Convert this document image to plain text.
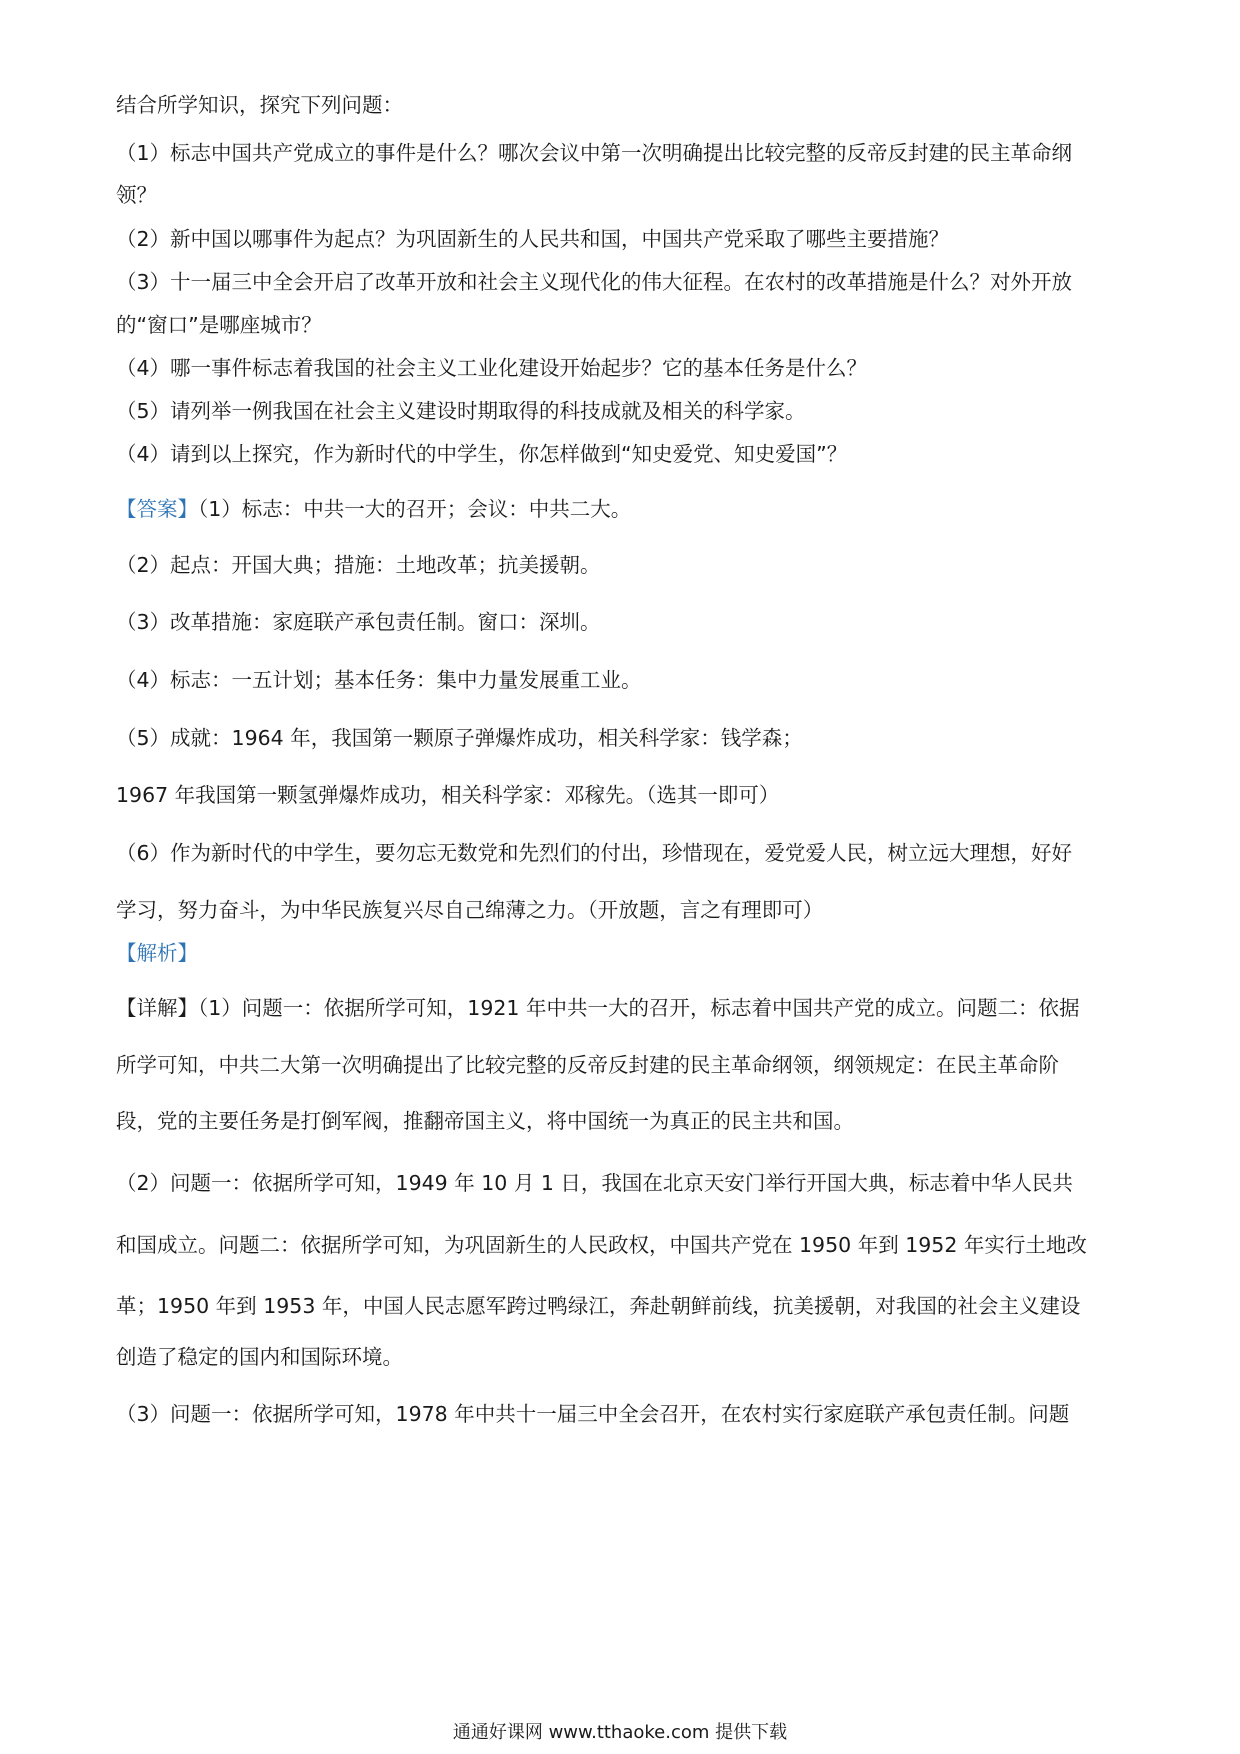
结合所学知识，探究下列问题：
（1）标志中国共产党成立的事件是什么？哪次会议中第一次明确提出比较完整的反帝反封建的民主革命纲
领？
（2）新中国以哪事件为起点？为巩固新生的人民共和国，中国共产党采取了哪些主要措施？
（3）十一届三中全会开启了改革开放和社会主义现代化的伟大征程。在农村的改革措施是什么？对外开放
的“窗口”是哪座城市？
（4）哪一事件标志着我国的社会主义工业化建设开始起步？它的基本任务是什么？
（5）请列举一例我国在社会主义建设时期取得的科技成就及相关的科学家。
（4）请到以上探究，作为新时代的中学生，你怎样做到“知史爱党、知史爱国”？
【答案】（1）标志：中共一大的召开；会议：中共二大。
（2）起点：开国大典；措施：土地改革；抗美援朝。
（3）改革措施：家庭联产承包责任制。窗口：深圳。
（4）标志：一五计划；基本任务：集中力量发展重工业。
（5）成就：1964 年，我国第一颗原子弹爆炸成功，相关科学家：钱学森；
1967 年我国第一颗氢弹爆炸成功，相关科学家：邓稼先。（选其一即可）
（6）作为新时代的中学生，要勿忘无数党和先烈们的付出，珍惜现在，爱党爱人民，树立远大理想，好好
学习，努力奋斗，为中华民族复兴尽自己绵薄之力。（开放题，言之有理即可）
【解析】
【详解】（1）问题一：依据所学可知，1921 年中共一大的召开，标志着中国共产党的成立。问题二：依据
所学可知，中共二大第一次明确提出了比较完整的反帝反封建的民主革命纲领，纲领规定：在民主革命阶
段，党的主要任务是打倒军阀，推翻帝国主义，将中国统一为真正的民主共和国。
（2）问题一：依据所学可知，1949 年 10 月 1 日，我国在北京天安门举行开国大典，标志着中华人民共
和国成立。问题二：依据所学可知，为巩固新生的人民政权，中国共产党在 1950 年到 1952 年实行土地改
革；1950 年到 1953 年，中国人民志愿军跨过鸭绿江，奔赴朝鲜前线，抗美援朝，对我国的社会主义建设
创造了稳定的国内和国际环境。
（3）问题一：依据所学可知，1978 年中共十一届三中全会召开，在农村实行家庭联产承包责任制。问题
通通好课网 www.tthaoke.com 提供下载
